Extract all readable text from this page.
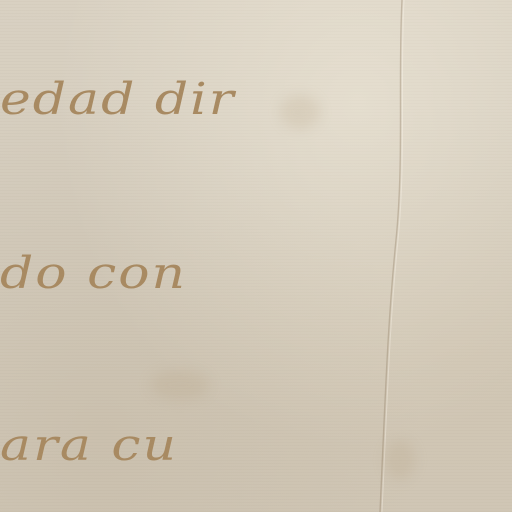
edad dir

do con

ara cu
